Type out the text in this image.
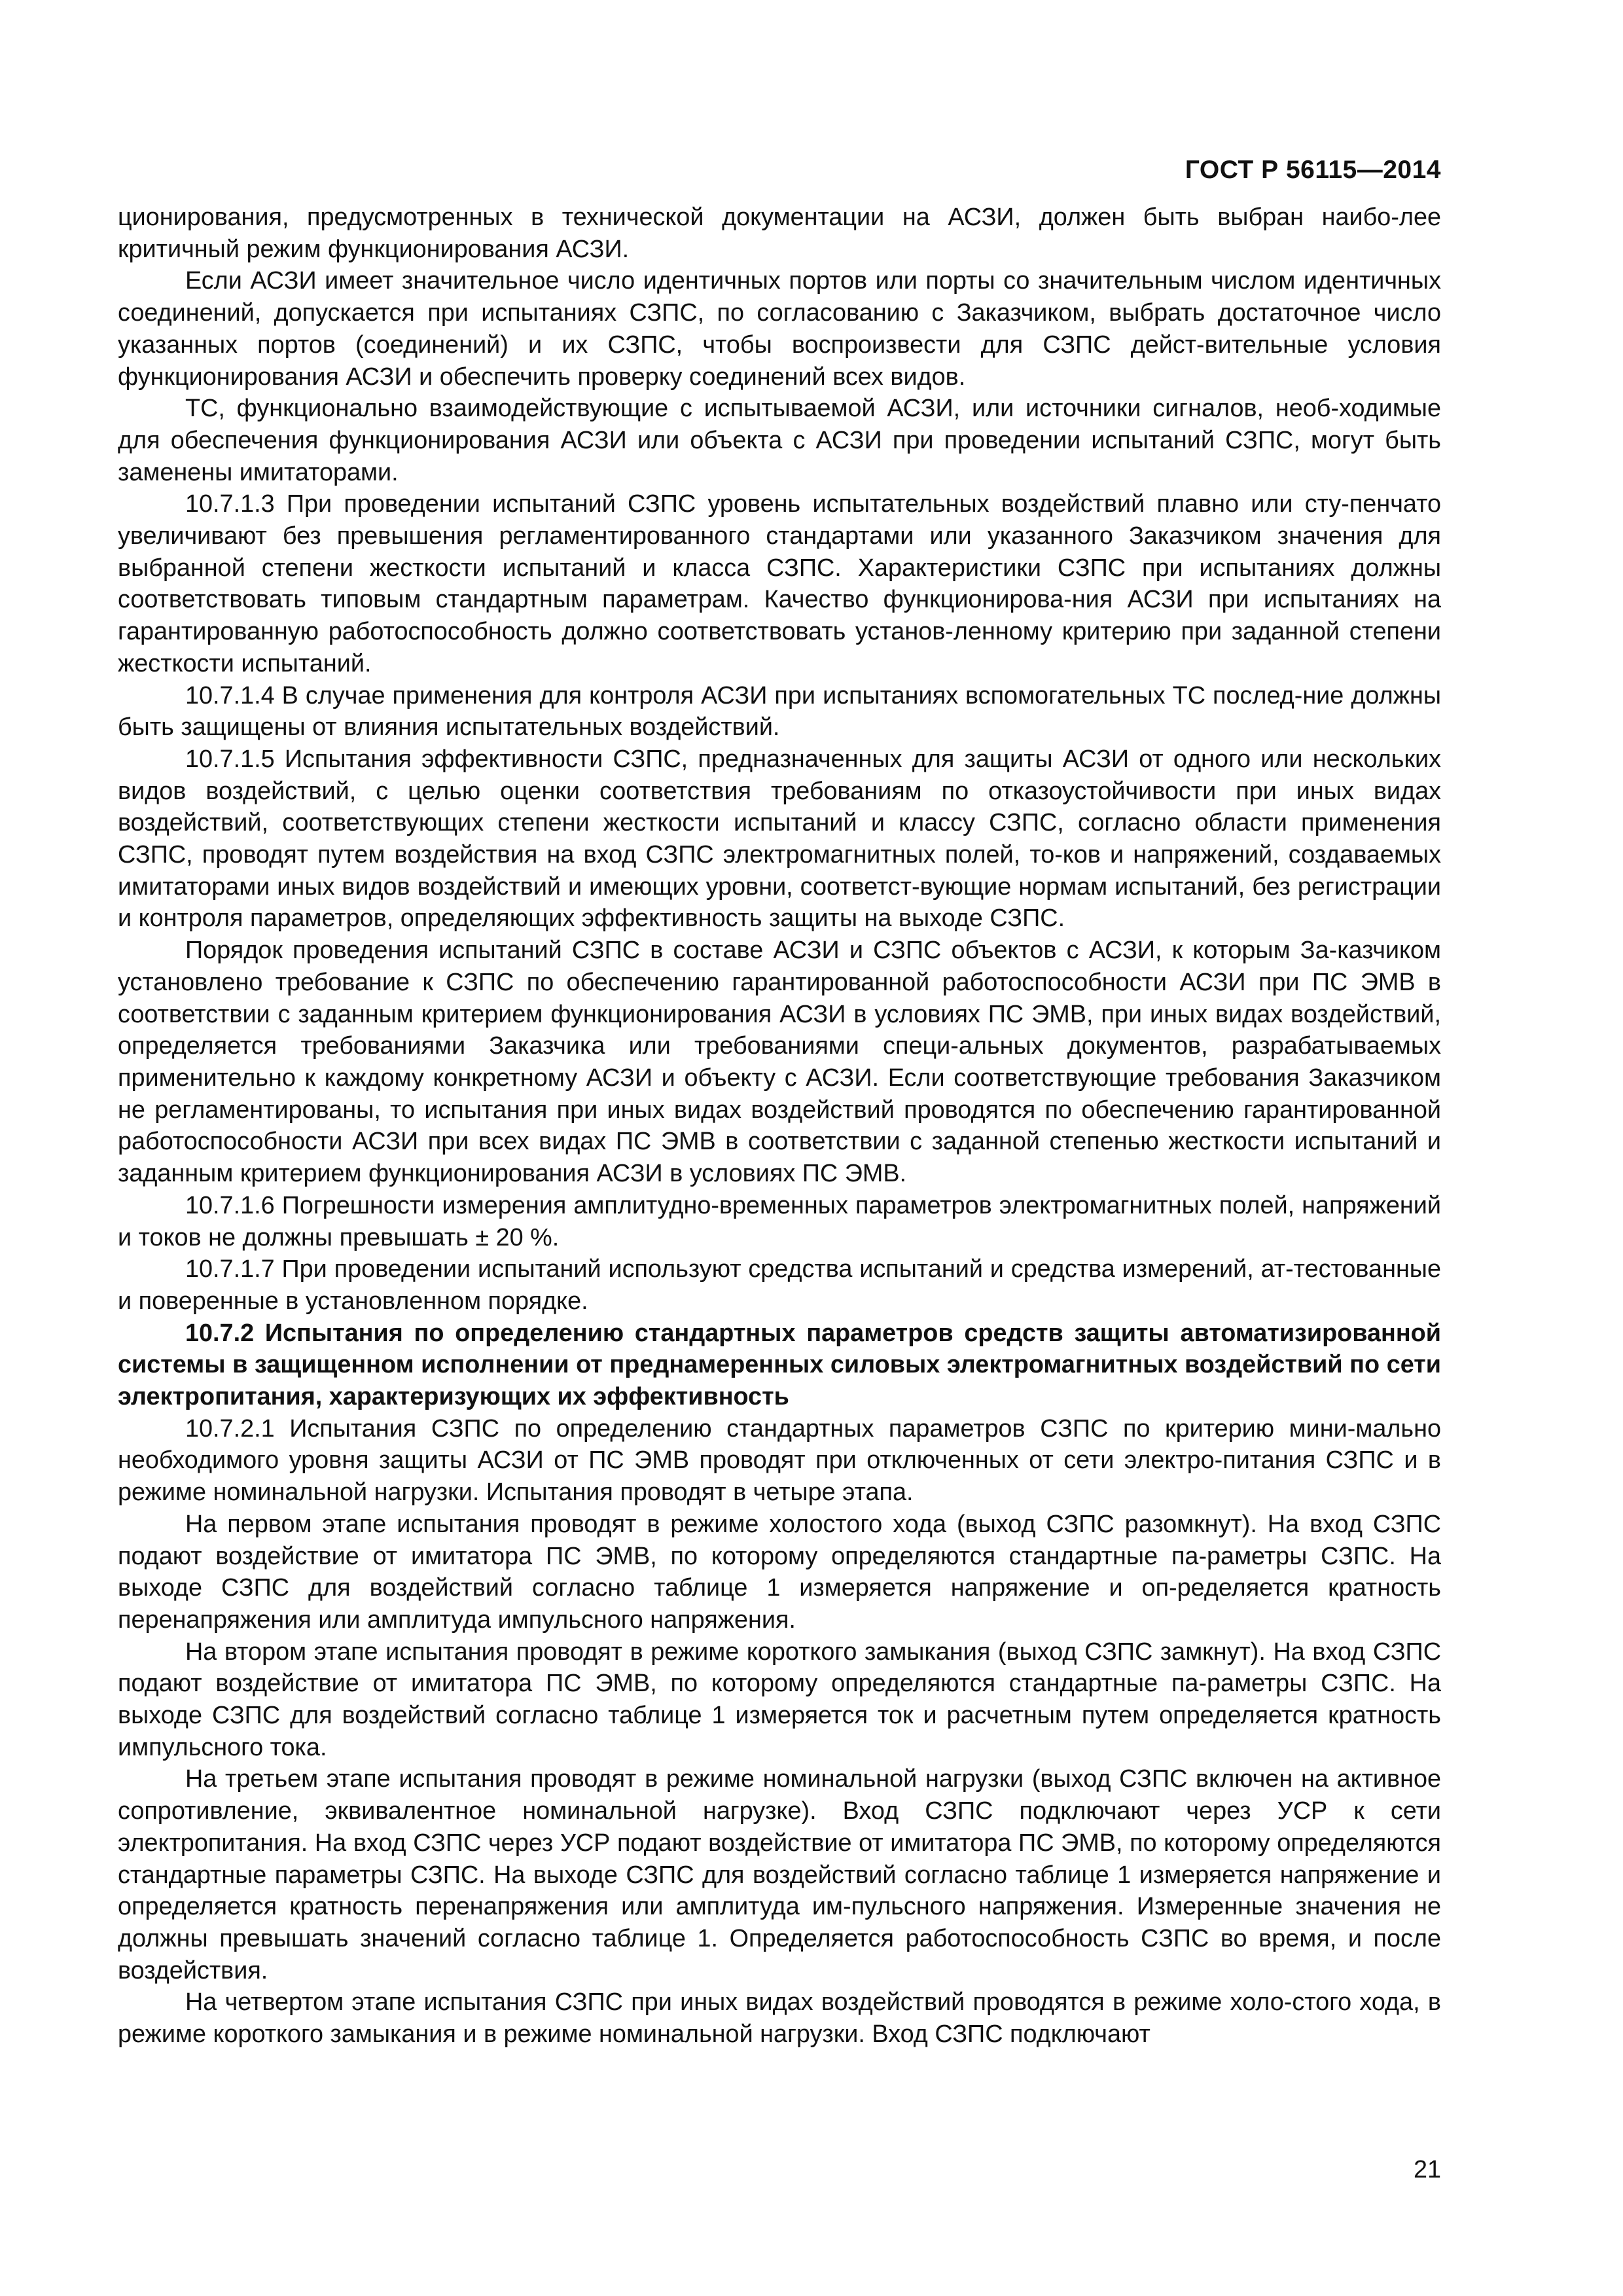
ГОСТ Р 56115—2014

ционирования, предусмотренных в технической документации на АСЗИ, должен быть выбран наибо-лее критичный режим функционирования АСЗИ.

Если АСЗИ имеет значительное число идентичных портов или порты со значительным числом идентичных соединений, допускается при испытаниях СЗПС, по согласованию с Заказчиком, выбрать достаточное число указанных портов (соединений) и их СЗПС, чтобы воспроизвести для СЗПС дейст-вительные условия функционирования АСЗИ и обеспечить проверку соединений всех видов.

ТС, функционально взаимодействующие с испытываемой АСЗИ, или источники сигналов, необ-ходимые для обеспечения функционирования АСЗИ или объекта с АСЗИ при проведении испытаний СЗПС, могут быть заменены имитаторами.

10.7.1.3 При проведении испытаний СЗПС уровень испытательных воздействий плавно или сту-пенчато увеличивают без превышения регламентированного стандартами или указанного Заказчиком значения для выбранной степени жесткости испытаний и класса СЗПС. Характеристики СЗПС при испытаниях должны соответствовать типовым стандартным параметрам. Качество функционирова-ния АСЗИ при испытаниях на гарантированную работоспособность должно соответствовать установ-ленному критерию при заданной степени жесткости испытаний.

10.7.1.4 В случае применения для контроля АСЗИ при испытаниях вспомогательных ТС послед-ние должны быть защищены от влияния испытательных воздействий.

10.7.1.5 Испытания эффективности СЗПС, предназначенных для защиты АСЗИ от одного или нескольких видов воздействий, с целью оценки соответствия требованиям по отказоустойчивости при иных видах воздействий, соответствующих степени жесткости испытаний и классу СЗПС, согласно области применения СЗПС, проводят путем воздействия на вход СЗПС электромагнитных полей, то-ков и напряжений, создаваемых имитаторами иных видов воздействий и имеющих уровни, соответст-вующие нормам испытаний, без регистрации и контроля параметров, определяющих эффективность защиты на выходе СЗПС.

Порядок проведения испытаний СЗПС в составе АСЗИ и СЗПС объектов с АСЗИ, к которым За-казчиком установлено требование к СЗПС по обеспечению гарантированной работоспособности АСЗИ при ПС ЭМВ в соответствии с заданным критерием функционирования АСЗИ в условиях ПС ЭМВ, при иных видах воздействий, определяется требованиями Заказчика или требованиями специ-альных документов, разрабатываемых применительно к каждому конкретному АСЗИ и объекту с АСЗИ. Если соответствующие требования Заказчиком не регламентированы, то испытания при иных видах воздействий проводятся по обеспечению гарантированной работоспособности АСЗИ при всех видах ПС ЭМВ в соответствии с заданной степенью жесткости испытаний и заданным критерием функционирования АСЗИ в условиях ПС ЭМВ.

10.7.1.6 Погрешности измерения амплитудно-временных параметров электромагнитных полей, напряжений и токов не должны превышать ± 20 %.

10.7.1.7 При проведении испытаний используют средства испытаний и средства измерений, ат-тестованные и поверенные в установленном порядке.

10.7.2 Испытания по определению стандартных параметров средств защиты автоматизированной системы в защищенном исполнении от преднамеренных силовых электромагнитных воздействий по сети электропитания, характеризующих их эффективность

10.7.2.1 Испытания СЗПС по определению стандартных параметров СЗПС по критерию мини-мально необходимого уровня защиты АСЗИ от ПС ЭМВ проводят при отключенных от сети электро-питания СЗПС и в режиме номинальной нагрузки. Испытания проводят в четыре этапа.

На первом этапе испытания проводят в режиме холостого хода (выход СЗПС разомкнут). На вход СЗПС подают воздействие от имитатора ПС ЭМВ, по которому определяются стандартные па-раметры СЗПС. На выходе СЗПС для воздействий согласно таблице 1 измеряется напряжение и оп-ределяется кратность перенапряжения или амплитуда импульсного напряжения.

На втором этапе испытания проводят в режиме короткого замыкания (выход СЗПС замкнут). На вход СЗПС подают воздействие от имитатора ПС ЭМВ, по которому определяются стандартные па-раметры СЗПС. На выходе СЗПС для воздействий согласно таблице 1 измеряется ток и расчетным путем определяется кратность импульсного тока.

На третьем этапе испытания проводят в режиме номинальной нагрузки (выход СЗПС включен на активное сопротивление, эквивалентное номинальной нагрузке). Вход СЗПС подключают через УСР к сети электропитания. На вход СЗПС через УСР подают воздействие от имитатора ПС ЭМВ, по которому определяются стандартные параметры СЗПС. На выходе СЗПС для воздействий согласно таблице 1 измеряется напряжение и определяется кратность перенапряжения или амплитуда им-пульсного напряжения. Измеренные значения не должны превышать значений согласно таблице 1. Определяется работоспособность СЗПС во время, и после воздействия.

На четвертом этапе испытания СЗПС при иных видах воздействий проводятся в режиме холо-стого хода, в режиме короткого замыкания и в режиме номинальной нагрузки. Вход СЗПС подключают

21
